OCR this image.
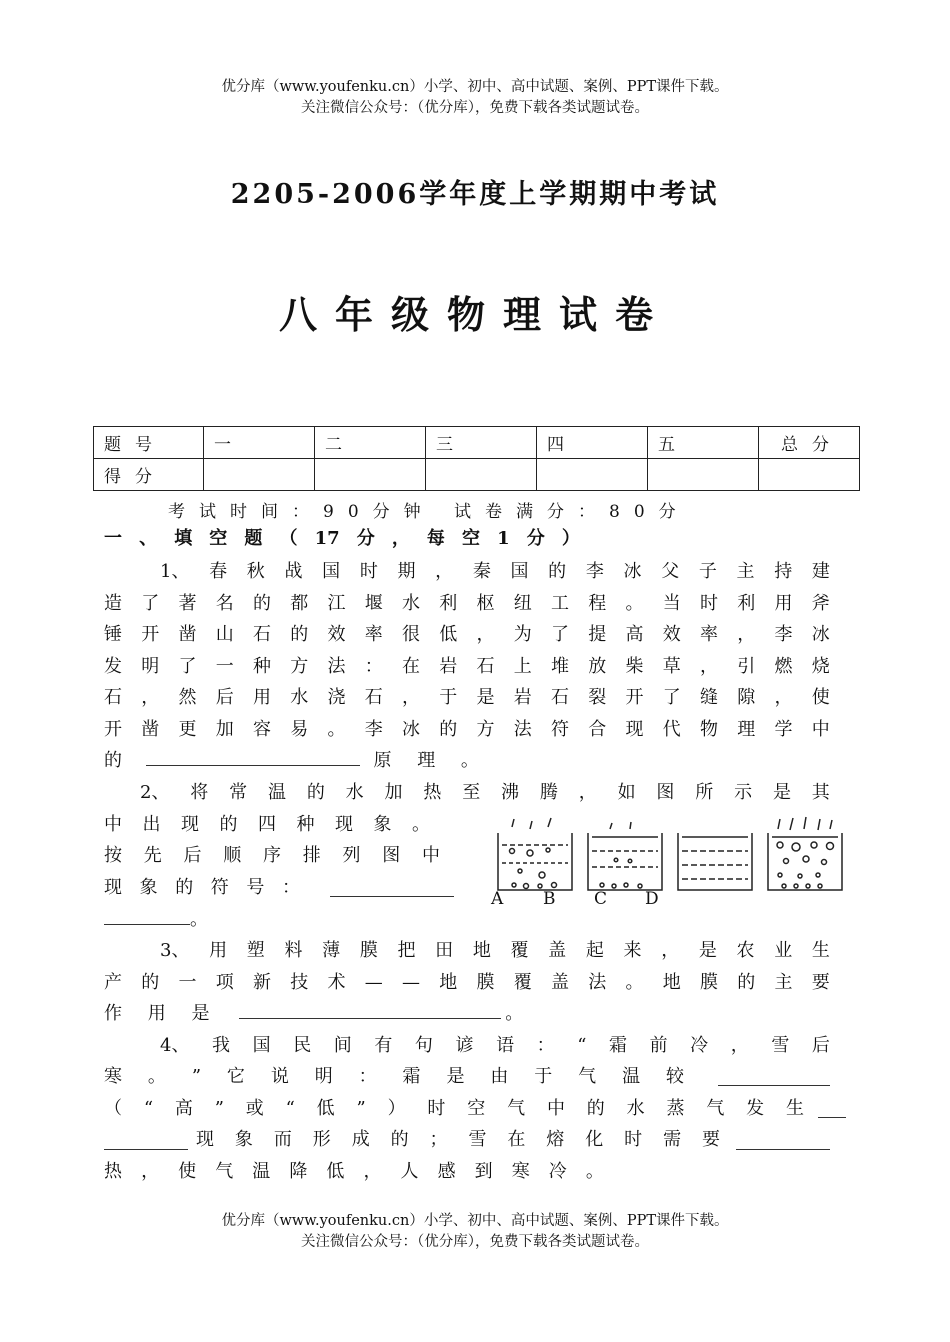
优分库（www.youfenku.cn）小学、初中、高中试题、案例、PPT课件下载。
关注微信公众号：（优分库），免费下载各类试题试卷。
2205-2006学年度上学期期中考试
八年级物理试卷
题号	一	二	三	四	五	总分
得分						
考试时间：90分钟 试卷满分：80分
一 、 填 空 题 （ 17 分 ， 每 空 1 分 ）
1、 春 秋 战 国 时 期 ， 秦 国 的 李 冰 父 子 主 持 建
造 了 著 名 的 都 江 堰 水 利 枢 纽 工 程 。 当 时 利 用 斧
锤 开 凿 山 石 的 效 率 很 低 ， 为 了 提 高 效 率 ， 李 冰
发 明 了 一 种 方 法 ： 在 岩 石 上 堆 放 柴 草 ， 引 燃 烧
石 ， 然 后 用 水 浇 石 ， 于 是 岩 石 裂 开 了 缝 隙 ， 使
开 凿 更 加 容 易 。 李 冰 的 方 法 符 合 现 代 物 理 学 中
的	原 理 。
2、 将 常 温 的 水 加 热 至 沸 腾 ， 如 图 所 示 是 其
中 出 现 的 四 种 现 象 。
按 先 后 顺 序 排 列 图 中
现 象 的 符 号 ：
。
A B C D
3、 用 塑 料 薄 膜 把 田 地 覆 盖 起 来 ， 是 农 业 生
产 的 一 项 新 技 术 — — 地 膜 覆 盖 法 。 地 膜 的 主 要
作 用 是	。
4、 我 国 民 间 有 句 谚 语 ： “ 霜 前 冷 ， 雪 后
寒 。 ” 它 说 明 ： 霜 是 由 于 气 温 较
（ “ 高 ” 或 “ 低 ” ） 时 空 气 中 的 水 蒸 气 发 生
现 象 而 形 成 的 ； 雪 在 熔 化 时 需 要
热 ， 使 气 温 降 低 ， 人 感 到 寒 冷 。
优分库（www.youfenku.cn）小学、初中、高中试题、案例、PPT课件下载。
关注微信公众号：（优分库），免费下载各类试题试卷。
